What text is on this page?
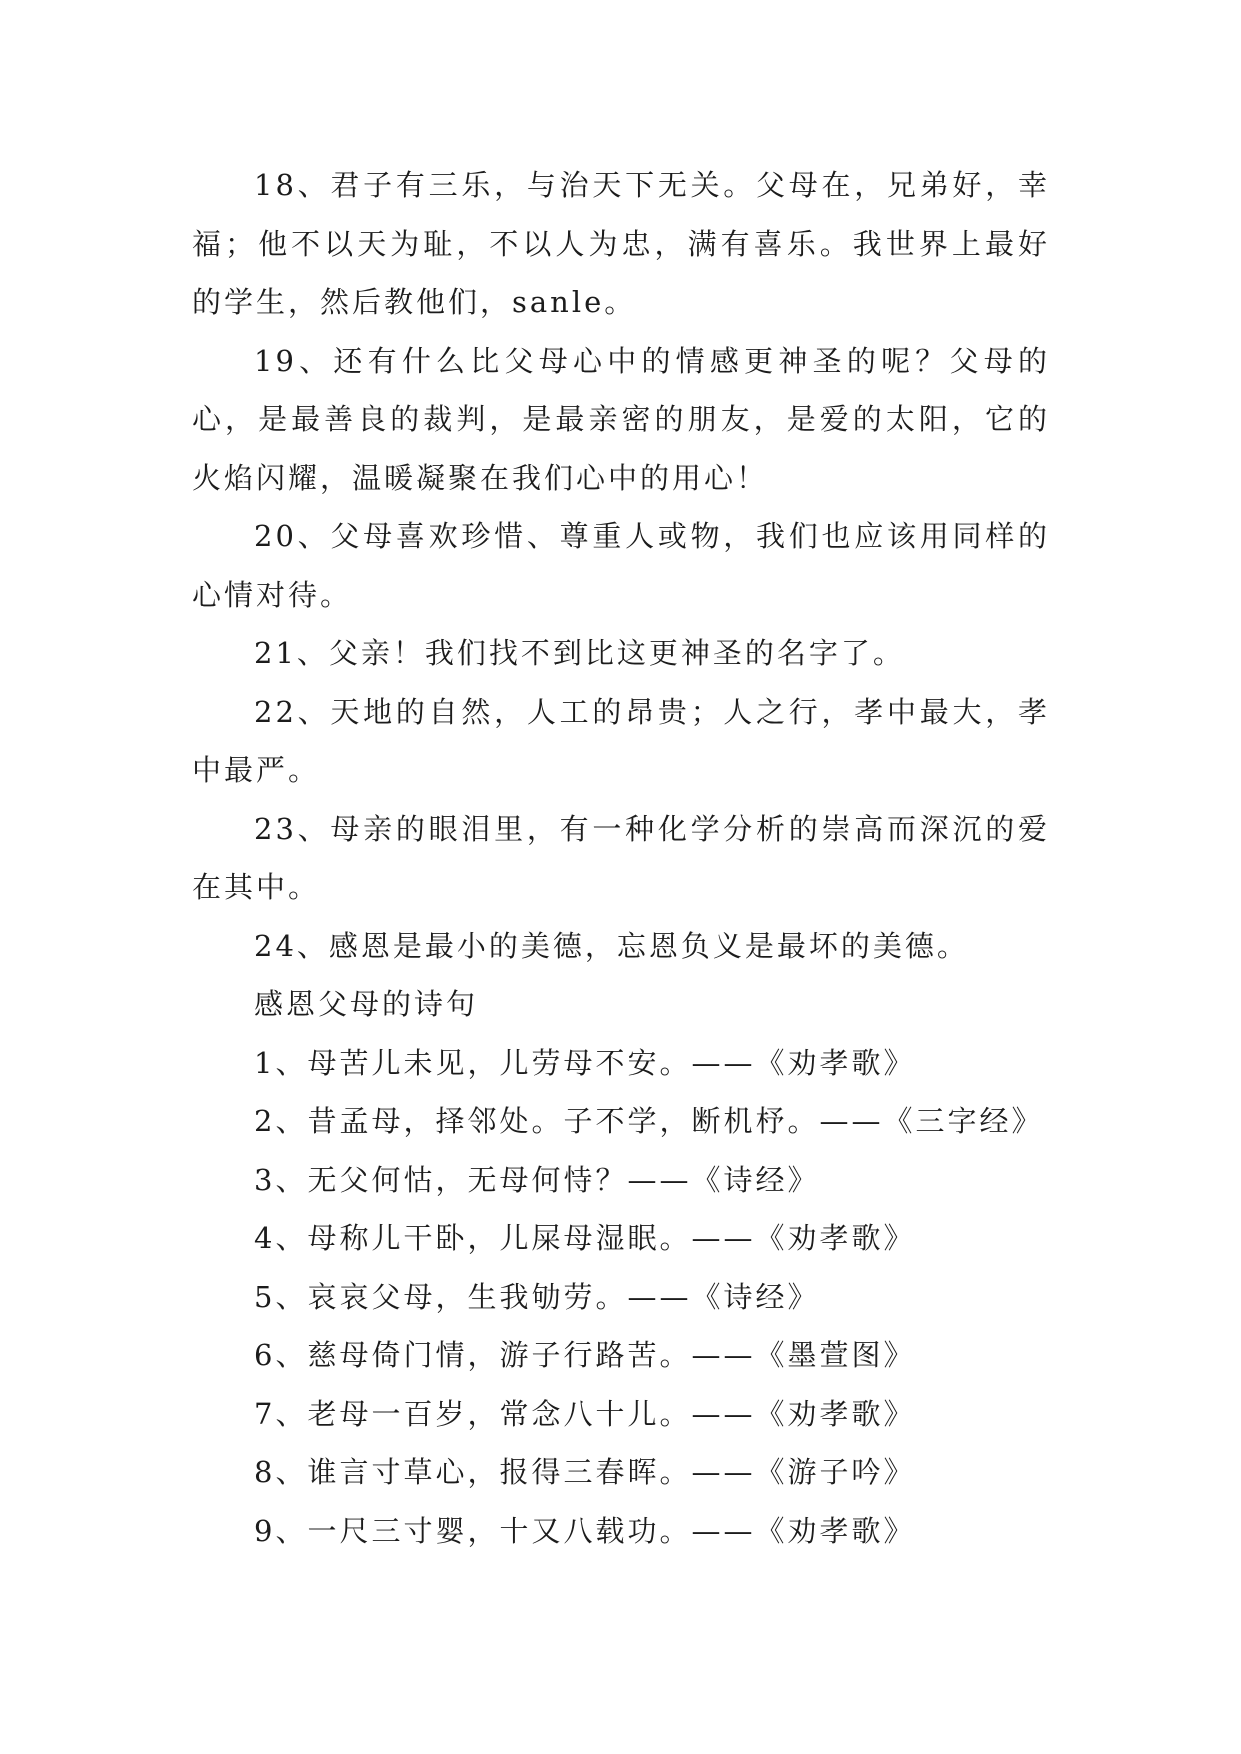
18、君子有三乐，与治天下无关。父母在，兄弟好，幸福；他不以天为耻，不以人为忠，满有喜乐。我世界上最好的学生，然后教他们，sanle。

19、还有什么比父母心中的情感更神圣的呢？父母的心，是最善良的裁判，是最亲密的朋友，是爱的太阳，它的火焰闪耀，温暖凝聚在我们心中的用心！

20、父母喜欢珍惜、尊重人或物，我们也应该用同样的心情对待。

21、父亲！我们找不到比这更神圣的名字了。

22、天地的自然，人工的昂贵；人之行，孝中最大，孝中最严。

23、母亲的眼泪里，有一种化学分析的崇高而深沉的爱在其中。

24、感恩是最小的美德，忘恩负义是最坏的美德。

感恩父母的诗句

1、母苦儿未见，儿劳母不安。——《劝孝歌》

2、昔孟母，择邻处。子不学，断机杼。——《三字经》

3、无父何怙，无母何恃？——《诗经》

4、母称儿干卧，儿屎母湿眠。——《劝孝歌》

5、哀哀父母，生我劬劳。——《诗经》

6、慈母倚门情，游子行路苦。——《墨萱图》

7、老母一百岁，常念八十儿。——《劝孝歌》

8、谁言寸草心，报得三春晖。——《游子吟》

9、一尺三寸婴，十又八载功。——《劝孝歌》
